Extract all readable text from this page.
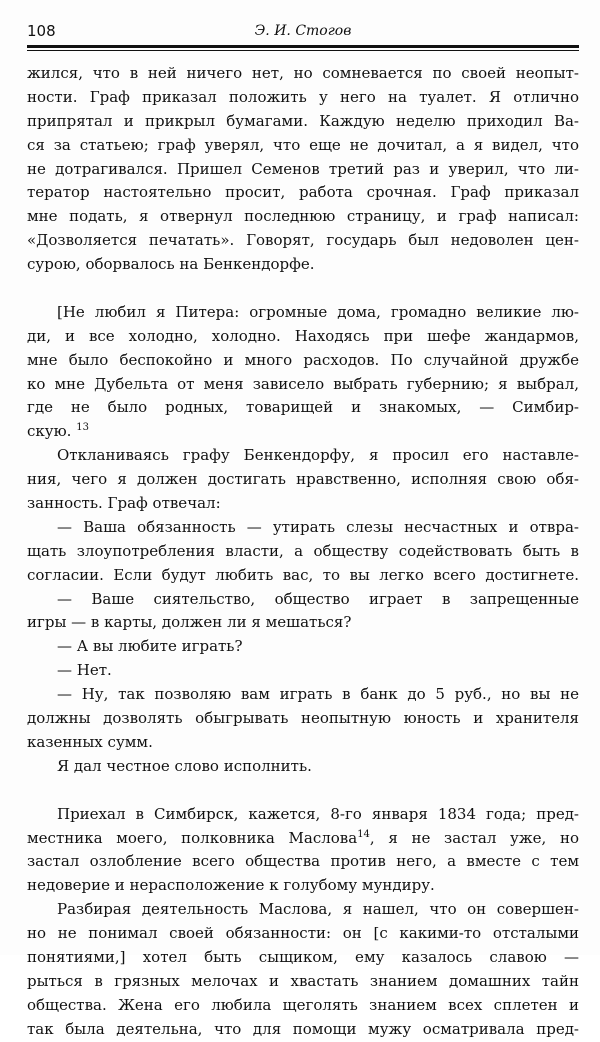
108	Э. И. Стогов
жился, что в ней ничего нет, но сомневается по своей неопыт-
ности. Граф приказал положить у него на туалет. Я отлично
припрятал и прикрыл бумагами. Каждую неделю приходил Ва-
ся за статьею; граф уверял, что еще не дочитал, а я видел, что
не дотрагивался. Пришел Семенов третий раз и уверил, что ли-
тератор настоятельно просит, работа срочная. Граф приказал
мне подать, я отвернул последнюю страницу, и граф написал:
«Дозволяется печатать». Говорят, государь был недоволен цен-
сурою, оборвалось на Бенкендорфе.
[Не любил я Питера: огромные дома, громадно великие лю-
ди, и все холодно, холодно. Находясь при шефе жандармов,
мне было беспокойно и много расходов. По случайной дружбе
ко мне Дубельта от меня зависело выбрать губернию; я выбрал,
где не было родных, товарищей и знакомых, — Симбир-
скую. $^{13}$
Откланиваясь графу Бенкендорфу, я просил его наставле-
ния, чего я должен достигать нравственно, исполняя свою обя-
занность. Граф отвечал:
— Ваша обязанность — утирать слезы несчастных и отвра-
щать злоупотребления власти, а обществу содействовать быть в
согласии. Если будут любить вас, то вы легко всего достигнете.
— Ваше сиятельство, общество играет в запрещенные
игры — в карты, должен ли я мешаться?
— А вы любите играть?
— Нет.
— Ну, так позволяю вам играть в банк до 5 руб., но вы не
должны дозволять обыгрывать неопытную юность и хранителя
казенных сумм.
Я дал честное слово исполнить.
Приехал в Симбирск, кажется, 8-го января 1834 года; пред-
местника моего, полковника Маслова$^{14}$, я не застал уже, но
застал озлобление всего общества против него, а вместе с тем
недоверие и нерасположение к голубому мундиру.
Разбирая деятельность Маслова, я нашел, что он совершен-
но не понимал своей обязанности: он [с какими-то отсталыми
понятиями,] хотел быть сыщиком, ему казалось славою —
рыться в грязных мелочах и хвастать знанием домашних тайн
общества. Жена его любила щеголять знанием всех сплетен и
так была деятельна, что для помощи мужу осматривала пред-
